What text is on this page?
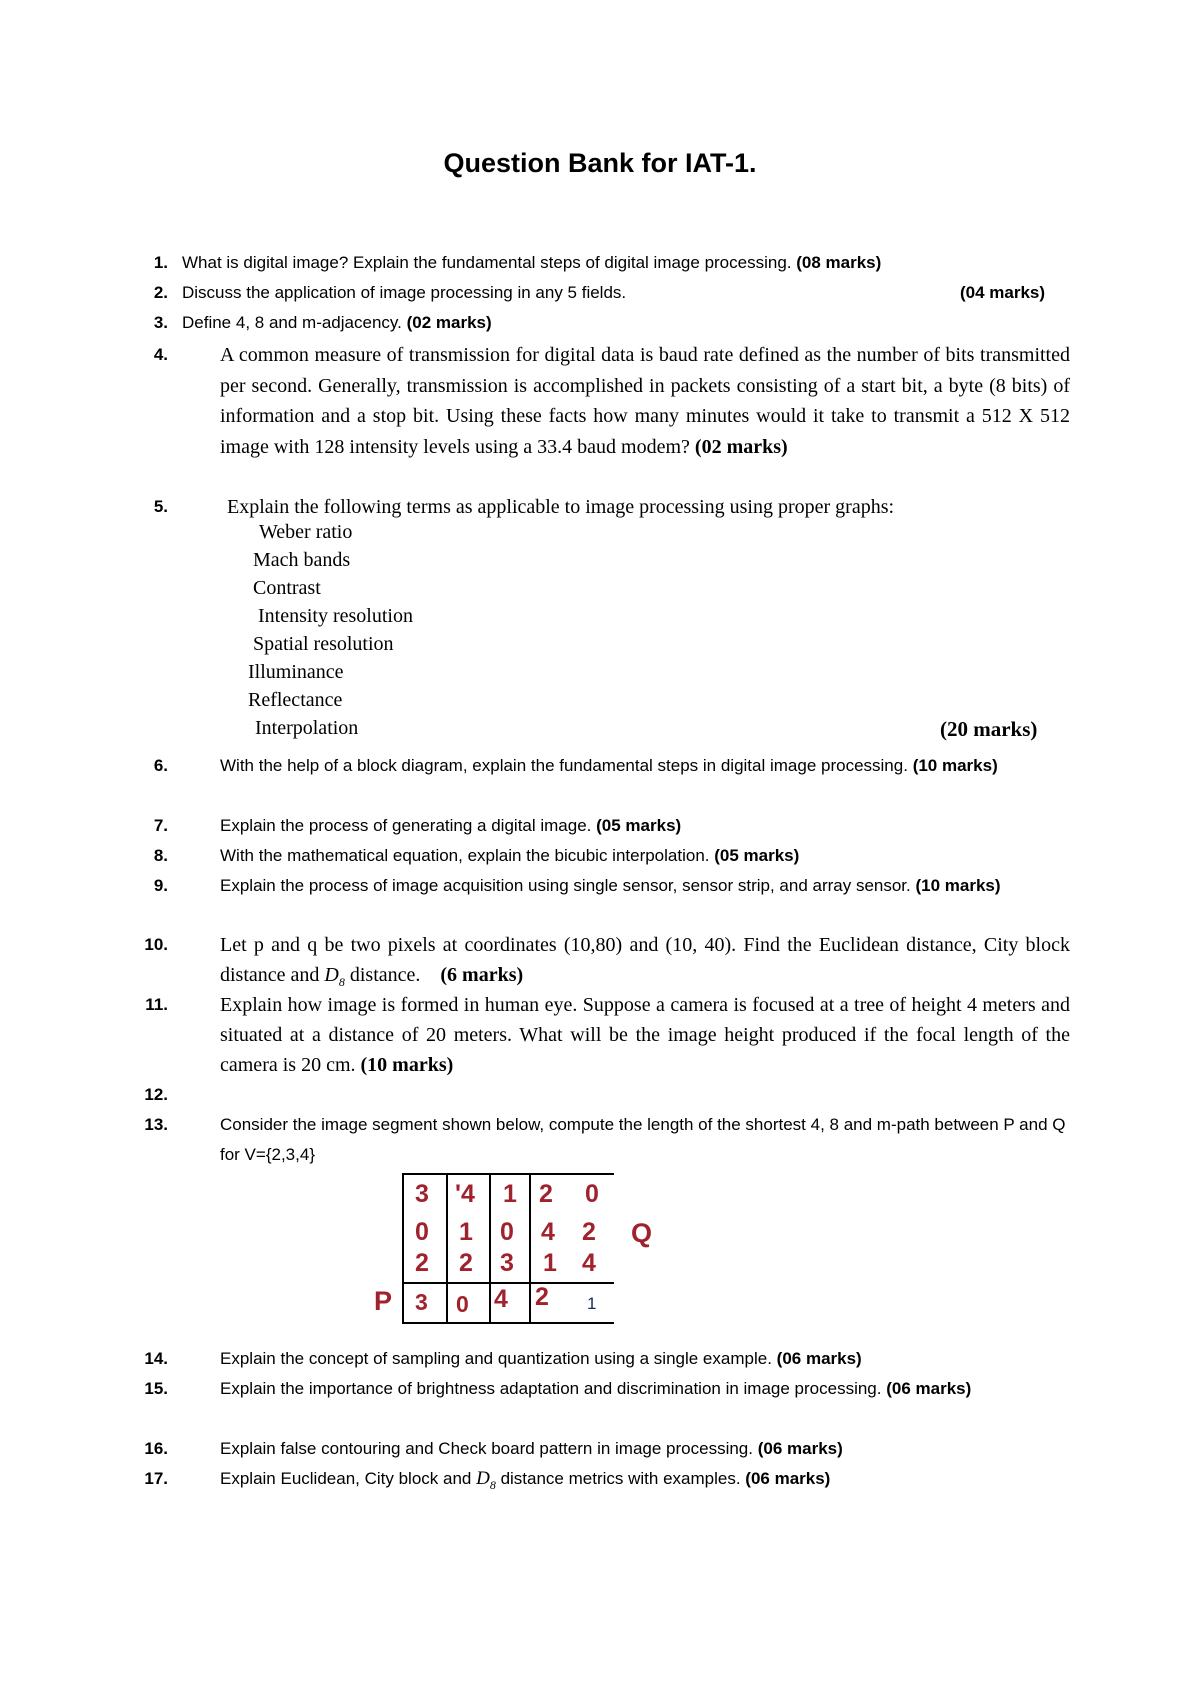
Question Bank for IAT-1.
1. What is digital image? Explain the fundamental steps of digital image processing. (08 marks)
2. Discuss the application of image processing in any 5 fields.	(04 marks)
3. Define 4, 8 and m-adjacency. (02 marks)
4.	A common measure of transmission for digital data is baud rate defined as the number of bits transmitted per second. Generally, transmission is accomplished in packets consisting of a start bit, a byte (8 bits) of information and a stop bit. Using these facts how many minutes would it take to transmit a 512 X 512 image with 128 intensity levels using a 33.4 baud modem? (02 marks)
5.	Explain the following terms as applicable to image processing using proper graphs:
Weber ratio
Mach bands
Contrast
Intensity resolution
Spatial resolution
Illuminance
Reflectance
Interpolation	(20 marks)
6.	With the help of a block diagram, explain the fundamental steps in digital image processing. (10 marks)
7.	Explain the process of generating a digital image. (05 marks)
8.	With the mathematical equation, explain the bicubic interpolation. (05 marks)
9.	Explain the process of image acquisition using single sensor, sensor strip, and array sensor. (10 marks)
10.	Let p and q be two pixels at coordinates (10,80) and (10, 40). Find the Euclidean distance, City block distance and $D_8$ distance. (6 marks)
11.	Explain how image is formed in human eye. Suppose a camera is focused at a tree of height 4 meters and situated at a distance of 20 meters. What will be the image height produced if the focal length of the camera is 20 cm. (10 marks)
12.
13.	Consider the image segment shown below, compute the length of the shortest 4, 8 and m-path between P and Q for V={2,3,4}
3 '4 1 2 0
0 1 0 4 2
2 2 3 1 4
3 0 4 2 1
P
Q
14.	Explain the concept of sampling and quantization using a single example. (06 marks)
15.	Explain the importance of brightness adaptation and discrimination in image processing. (06 marks)
16.	Explain false contouring and Check board pattern in image processing. (06 marks)
17.	Explain Euclidean, City block and $D_8$ distance metrics with examples. (06 marks)
